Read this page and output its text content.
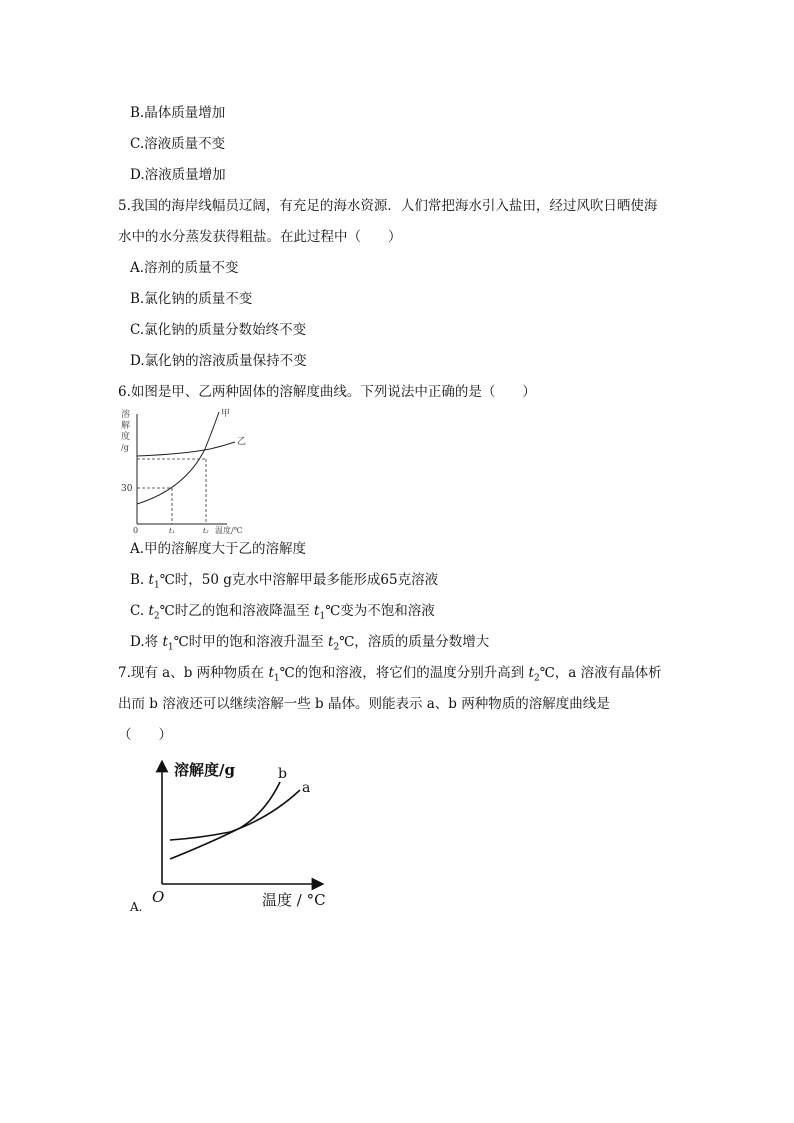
B.晶体质量增加
C.溶液质量不变
D.溶液质量增加
5.我国的海岸线幅员辽阔，有充足的海水资源．人们常把海水引入盐田，经过风吹日晒使海
水中的水分蒸发获得粗盐。在此过程中（　　）
A.溶剂的质量不变
B.氯化钠的质量不变
C.氯化钠的质量分数始终不变
D.氯化钠的溶液质量保持不变
6.如图是甲、乙两种固体的溶解度曲线。下列说法中正确的是（　　）
溶
解
度
/g
甲
乙
30
0	t₁	t₂ 温度/℃
A.甲的溶解度大于乙的溶解度
B. $t_1℃$时，50 g克水中溶解甲最多能形成65克溶液
C. $t_2℃$时乙的饱和溶液降温至 $t_1℃$变为不饱和溶液
D.将 $t_1℃$时甲的饱和溶液升温至 $t_2℃$，溶质的质量分数增大
7.现有 a、b 两种物质在 $t_1℃$的饱和溶液，将它们的温度分别升高到 $t_2℃$，a 溶液有晶体析
出而 b 溶液还可以继续溶解一些 b 晶体。则能表示 a、b 两种物质的溶解度曲线是
（　　）
溶解度/g	b
a
O	温度 / °C
A.
